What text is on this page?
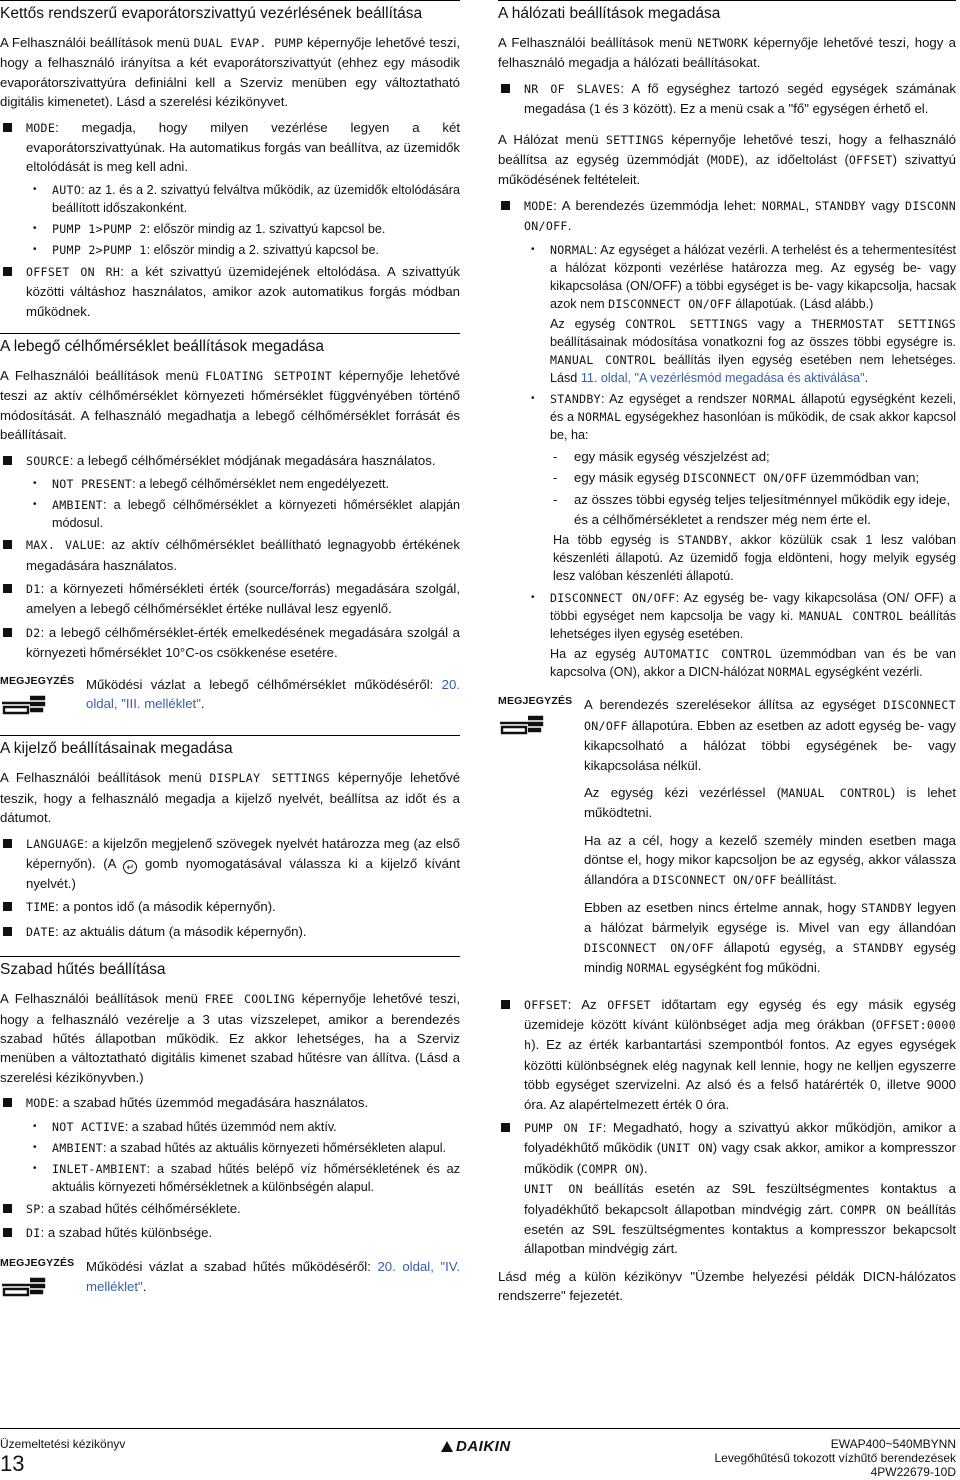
Kettős rendszerű evaporátorszivattyú vezérlésének beállítása
A Felhasználói beállítások menü DUAL EVAP. PUMP képernyője lehetővé teszi, hogy a felhasználó irányítsa a két evaporátorszivattyút (ehhez egy második evaporátorszivattyúra definiálni kell a Szerviz menüben egy változtatható digitális kimenetet). Lásd a szerelési kézikönyvet.
MODE: megadja, hogy milyen vezérlése legyen a két evaporátorszivattyúnak. Ha automatikus forgás van beállítva, az üzemidők eltolódását is meg kell adni.
•	AUTO: az 1. és a 2. szivattyú felváltva működik, az üzemidők eltolódására beállított időszakonként.
•	PUMP 1>PUMP 2: először mindig az 1. szivattyú kapcsol be.
•	PUMP 2>PUMP 1: először mindig a 2. szivattyú kapcsol be.
OFFSET ON RH: a két szivattyú üzemidejének eltolódása. A szivattyúk közötti váltáshoz használatos, amikor azok automatikus forgás módban működnek.
A lebegő célhőmérséklet beállítások megadása
A Felhasználói beállítások menü FLOATING SETPOINT képernyője lehetővé teszi az aktív célhőmérséklet környezeti hőmérséklet függvényében történő módosítását. A felhasználó megadhatja a lebegő célhőmérséklet forrását és beállításait.
SOURCE: a lebegő célhőmérséklet módjának megadására használatos.
•	NOT PRESENT: a lebegő célhőmérséklet nem engedélyezett.
•	AMBIENT: a lebegő célhőmérséklet a környezeti hőmérséklet alapján módosul.
MAX. VALUE: az aktív célhőmérséklet beállítható legnagyobb értékének megadására használatos.
D1: a környezeti hőmérsékleti érték (source/forrás) megadására szolgál, amelyen a lebegő célhőmérséklet értéke nullával lesz egyenlő.
D2: a lebegő célhőmérséklet-érték emelkedésének megadására szolgál a környezeti hőmérséklet 10°C-os csökkenése esetére.
MEGJEGYZÉS Működési vázlat a lebegő célhőmérséklet működéséről: 20. oldal, "III. melléklet".

A kijelző beállításainak megadása
A Felhasználói beállítások menü DISPLAY SETTINGS képernyője lehetővé teszik, hogy a felhasználó megadja a kijelző nyelvét, beállítsa az időt és a dátumot.
LANGUAGE: a kijelzőn megjelenő szövegek nyelvét határozza meg (az első képernyőn). (A ↵ gomb nyomogatásával válassza ki a kijelző kívánt nyelvét.)
TIME: a pontos idő (a második képernyőn).
DATE: az aktuális dátum (a második képernyőn).
Szabad hűtés beállítása
A Felhasználói beállítások menü FREE COOLING képernyője lehetővé teszi, hogy a felhasználó vezérelje a 3 utas vízszelepet, amikor a berendezés szabad hűtés állapotban működik. Ez akkor lehetséges, ha a Szerviz menüben a változtatható digitális kimenet szabad hűtésre van állítva. (Lásd a szerelési kézikönyvben.)
MODE: a szabad hűtés üzemmód megadására használatos.
•	NOT ACTIVE: a szabad hűtés üzemmód nem aktív.
•	AMBIENT: a szabad hűtés az aktuális környezeti hőmérsékleten alapul.
•	INLET-AMBIENT: a szabad hűtés belépő víz hőmérsékletének és az aktuális környezeti hőmérsékletnek a különbségén alapul.
SP: a szabad hűtés célhőmérséklete.
DI: a szabad hűtés különbsége.
MEGJEGYZÉS Működési vázlat a szabad hűtés működéséről: 20. oldal, "IV. melléklet".

A hálózati beállítások megadása
A Felhasználói beállítások menü NETWORK képernyője lehetővé teszi, hogy a felhasználó megadja a hálózati beállításokat.
NR OF SLAVES: A fő egységhez tartozó segéd egységek számának megadása (1 és 3 között). Ez a menü csak a "fő" egységen érhető el.
A Hálózat menü SETTINGS képernyője lehetővé teszi, hogy a felhasználó beállítsa az egység üzemmódját (MODE), az időeltolást (OFFSET) szivattyú működésének feltételeit.
MODE: A berendezés üzemmódja lehet: NORMAL, STANDBY vagy DISCONN ON/OFF.
•	NORMAL: Az egységet a hálózat vezérli. A terhelést és a tehermentesítést a hálózat központi vezérlése határozza meg. Az egység be- vagy kikapcsolása (ON/OFF) a többi egységet is be- vagy kikapcsolja, hacsak azok nem DISCONNECT ON/OFF állapotúak. (Lásd alább.)
Az egység CONTROL SETTINGS vagy a THERMOSTAT SETTINGS beállításainak módosítása vonatkozni fog az összes többi egységre is. MANUAL CONTROL beállítás ilyen egység esetében nem lehetséges. Lásd 11. oldal, "A vezérlésmód megadása és aktiválása".
•	STANDBY: Az egységet a rendszer NORMAL állapotú egységként kezeli, és a NORMAL egységekhez hasonlóan is működik, de csak akkor kapcsol be, ha:
-	egy másik egység vészjelzést ad;
-	egy másik egység DISCONNECT ON/OFF üzemmódban van;
-	az összes többi egység teljes teljesítménnyel működik egy ideje, és a célhőmérsékletet a rendszer még nem érte el.
Ha több egység is STANDBY, akkor közülük csak 1 lesz valóban készenléti állapotú. Az üzemidő fogja eldönteni, hogy melyik egység lesz valóban készenléti állapotú.
•	DISCONNECT ON/OFF: Az egység be- vagy kikapcsolása (ON/ OFF) a többi egységet nem kapcsolja be vagy ki. MANUAL CONTROL beállítás lehetséges ilyen egység esetében.
Ha az egység AUTOMATIC CONTROL üzemmódban van és be van kapcsolva (ON), akkor a DICN-hálózat NORMAL egységként vezérli.
MEGJEGYZÉS A berendezés szerelésekor állítsa az egységet DISCONNECT ON/OFF állapotúra. Ebben az esetben az adott egység be- vagy kikapcsolható a hálózat többi egységének be- vagy kikapcsolása nélkül.

Az egység kézi vezérléssel (MANUAL CONTROL) is lehet működtetni.

Ha az a cél, hogy a kezelő személy minden esetben maga döntse el, hogy mikor kapcsoljon be az egység, akkor válassza állandóra a DISCONNECT ON/OFF beállítást.

Ebben az esetben nincs értelme annak, hogy STANDBY legyen a hálózat bármelyik egysége is. Mivel van egy állandóan DISCONNECT ON/OFF állapotú egység, a STANDBY egység mindig NORMAL egységként fog működni.

OFFSET: Az OFFSET időtartam egy egység és egy másik egység üzemideje között kívánt különbséget adja meg órákban (OFFSET:0000 h). Ez az érték karbantartási szempontból fontos. Az egyes egységek közötti különbségnek elég nagynak kell lennie, hogy ne kelljen egyszerre több egységet szervizelni. Az alsó és a felső határérték 0, illetve 9000 óra. Az alapértelmezett érték 0 óra.
PUMP ON IF: Megadható, hogy a szivattyú akkor működjön, amikor a folyadékhűtő működik (UNIT ON) vagy csak akkor, amikor a kompresszor működik (COMPR ON).
UNIT ON beállítás esetén az S9L feszültségmentes kontaktus a folyadékhűtő bekapcsolt állapotban mindvégig zárt. COMPR ON beállítás esetén az S9L feszültségmentes kontaktus a kompresszor bekapcsolt állapotban mindvégig zárt.
Lásd még a külön kézikönyv "Üzembe helyezési példák DICN-hálózatos rendszerre" fejezetét.
Üzemeltetési kézikönyv
13
DAIKIN	EWAP400~540MBYNN
Levegőhűtésű tokozott vízhűtő berendezések
4PW22679-10D
